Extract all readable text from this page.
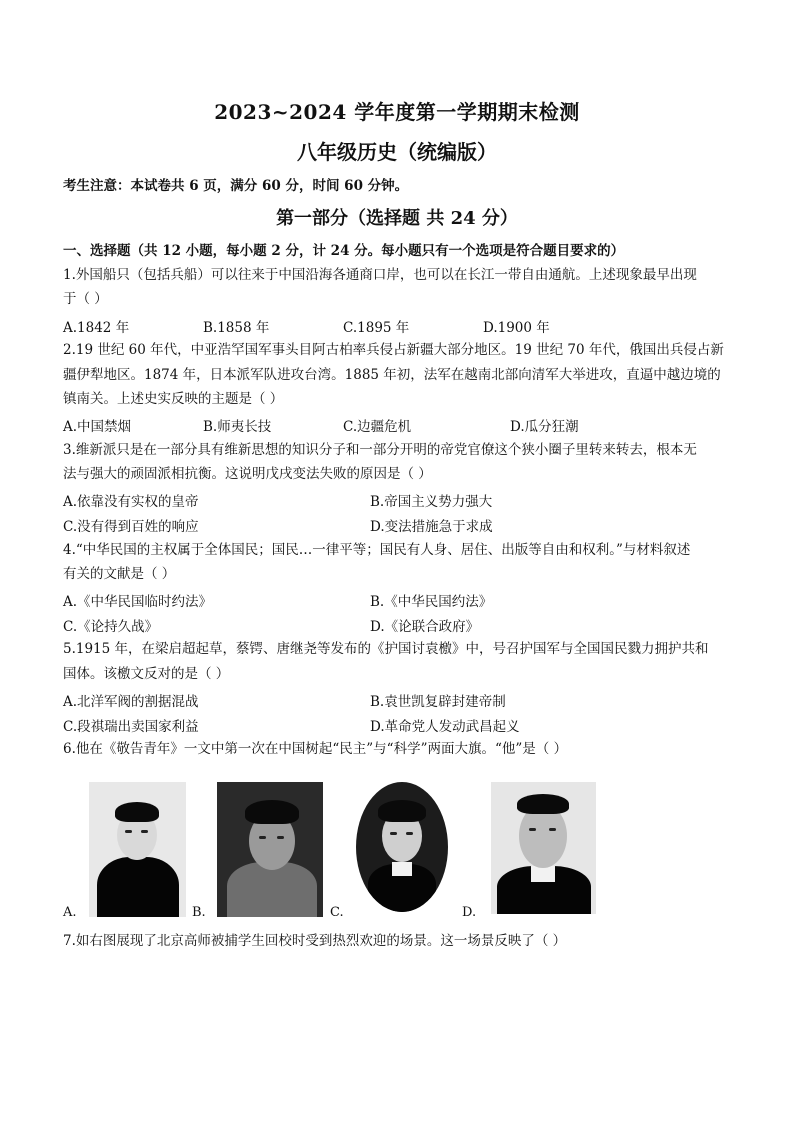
2023~2024 学年度第一学期期末检测
八年级历史（统编版）
考生注意：本试卷共 6 页，满分 60 分，时间 60 分钟。
第一部分（选择题 共 24 分）
一、选择题（共 12 小题，每小题 2 分，计 24 分。每小题只有一个选项是符合题目要求的）
1.外国船只（包括兵船）可以往来于中国沿海各通商口岸，也可以在长江一带自由通航。上述现象最早出现
于（ ）
A.1842 年	B.1858 年	C.1895 年	D.1900 年
2.19 世纪 60 年代，中亚浩罕国军事头目阿古柏率兵侵占新疆大部分地区。19 世纪 70 年代，俄国出兵侵占新
疆伊犁地区。1874 年，日本派军队进攻台湾。1885 年初，法军在越南北部向清军大举进攻，直逼中越边境的
镇南关。上述史实反映的主题是（ ）
A.中国禁烟	B.师夷长技	C.边疆危机	D.瓜分狂潮
3.维新派只是在一部分具有维新思想的知识分子和一部分开明的帝党官僚这个狭小圈子里转来转去，根本无
法与强大的顽固派相抗衡。这说明戊戌变法失败的原因是（ ）
A.依靠没有实权的皇帝	B.帝国主义势力强大
C.没有得到百姓的响应	D.变法措施急于求成
4.“中华民国的主权属于全体国民；国民…一律平等；国民有人身、居住、出版等自由和权利。”与材料叙述
有关的文献是（ ）
A.《中华民国临时约法》	B.《中华民国约法》
C.《论持久战》	D.《论联合政府》
5.1915 年，在梁启超起草，蔡锷、唐继尧等发布的《护国讨袁檄》中，号召护国军与全国国民戮力拥护共和
国体。该檄文反对的是（ ）
A.北洋军阀的割据混战	B.袁世凯复辟封建帝制
C.段祺瑞出卖国家利益	D.革命党人发动武昌起义
6.他在《敬告青年》一文中第一次在中国树起“民主”与“科学”两面大旗。“他”是（ ）
A.	B.	C.	D.
7.如右图展现了北京高师被捕学生回校时受到热烈欢迎的场景。这一场景反映了（ ）
